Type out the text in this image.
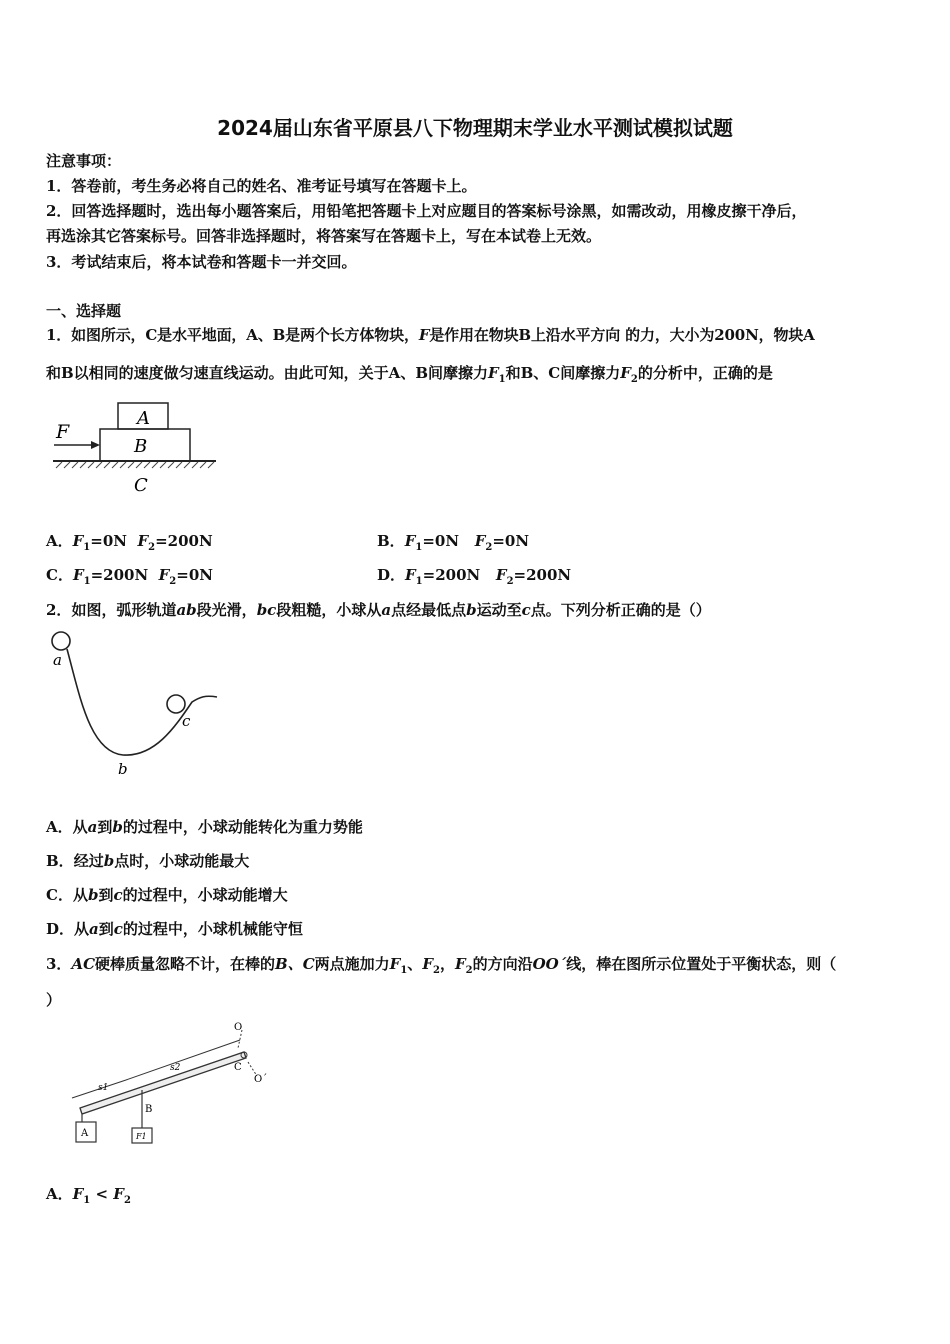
2024届山东省平原县八下物理期末学业水平测试模拟试题
注意事项：
1．答卷前，考生务必将自己的姓名、准考证号填写在答题卡上。
2．回答选择题时，选出每小题答案后，用铅笔把答题卡上对应题目的答案标号涂黑，如需改动，用橡皮擦干净后，
再选涂其它答案标号。回答非选择题时，将答案写在答题卡上，写在本试卷上无效。
3．考试结束后，将本试卷和答题卡一并交回。
一、选择题
1．如图所示，C是水平地面，A、B是两个长方体物块，F是作用在物块B上沿水平方向 的力，大小为200N，物块A
和B以相同的速度做匀速直线运动。由此可知，关于A、B间摩擦力$F_1$和B、C间摩擦力$F_2$的分析中，正确的是
F
A
B
C
A．$F_1=0N$ $F_2=200N$	B．$F_1=0N$ $F_2=0N$
C．$F_1=200N$ $F_2=0N$	D．$F_1=200N$ $F_2=200N$
2．如图，弧形轨道ab段光滑，bc段粗糙，小球从a点经最低点b运动至c点。下列分析正确的是（）
a
b
c
A．从a到b的过程中，小球动能转化为重力势能
B．经过b点时，小球动能最大
C．从b到c的过程中，小球动能增大
D．从a到c的过程中，小球机械能守恒
3．AC硬棒质量忽略不计，在棒的B、C两点施加力$F_1$、$F_2$，$F_2$的方向沿OO´线，棒在图所示位置处于平衡状态，则（
）
O
O´
C
B
A
s1
s2
F1
A．$F_1 < F_2$
